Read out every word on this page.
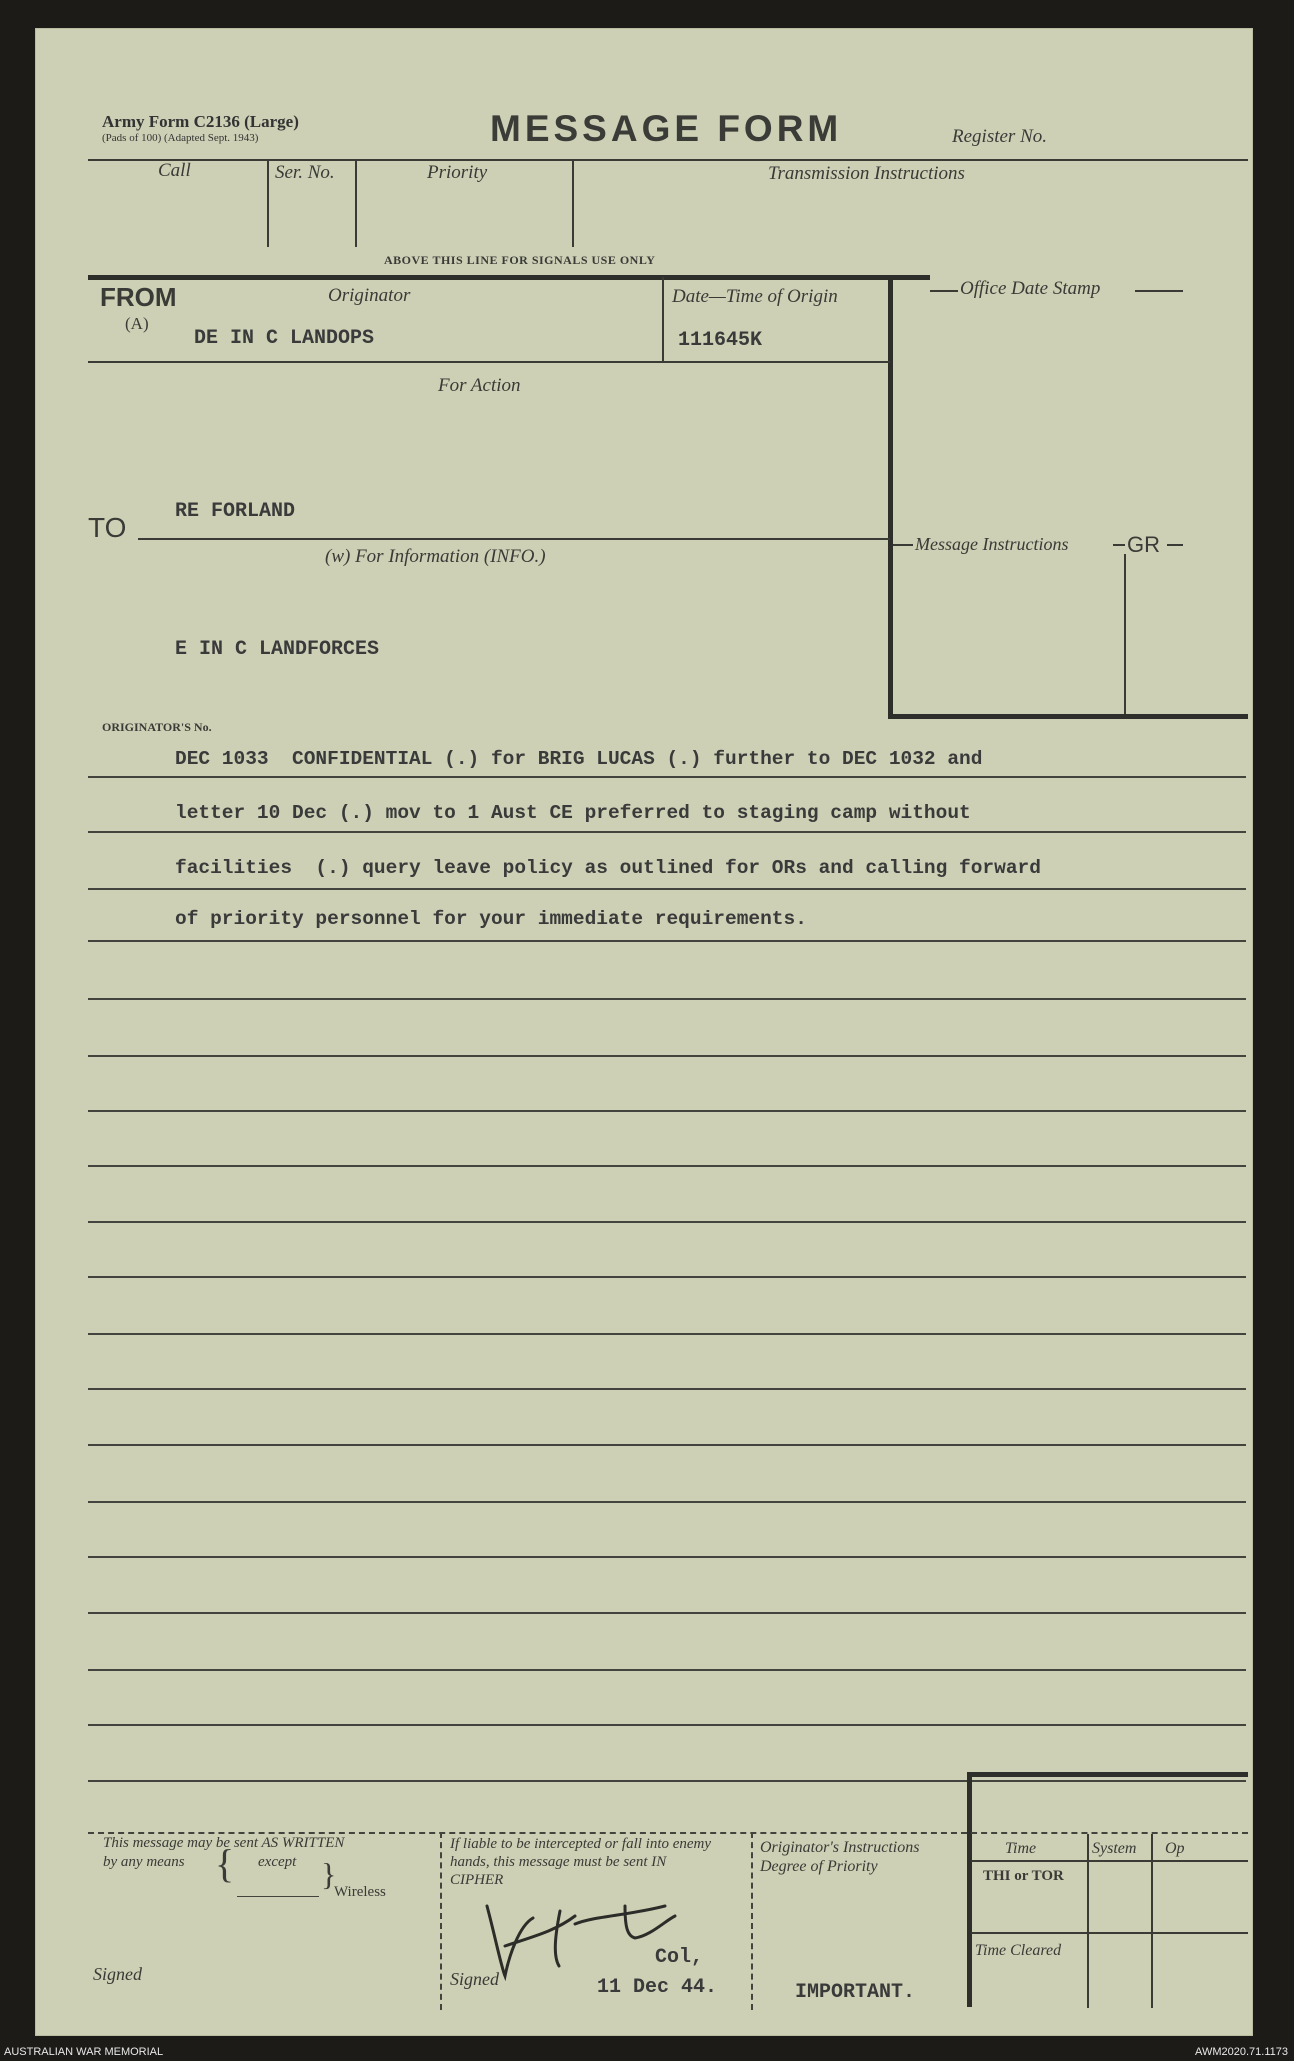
Army Form C2136 (Large)
(Pads of 100) (Adapted Sept. 1943)	MESSAGE FORM	Register No.
Call	Ser. No.	Priority	Transmission Instructions
ABOVE THIS LINE FOR SIGNALS USE ONLY
FROM
(A)
Originator
DE IN C LANDOPS
Date—Time of Origin
111645K
Office Date Stamp
For Action
TO
RE FORLAND
Message Instructions	GR
(w) For Information (INFO.)
E IN C LANDFORCES
ORIGINATOR'S No.
DEC 1033  CONFIDENTIAL (.) for BRIG LUCAS (.) further to DEC 1032 and
letter 10 Dec (.) mov to 1 Aust CE preferred to staging camp without
facilities  (.) query leave policy as outlined for ORs and calling forward
of priority personnel for your immediate requirements.
This message may be sent AS WRITTEN
by any means { except }
Wireless
Signed
If liable to be intercepted or fall into enemy hands, this message must be sent IN CIPHER
Signed
Col,
11 Dec 44.
Originator's Instructions
Degree of Priority
IMPORTANT.
Time	System Op
THI or TOR
Time Cleared
AUSTRALIAN WAR MEMORIAL	AWM2020.71.1173
